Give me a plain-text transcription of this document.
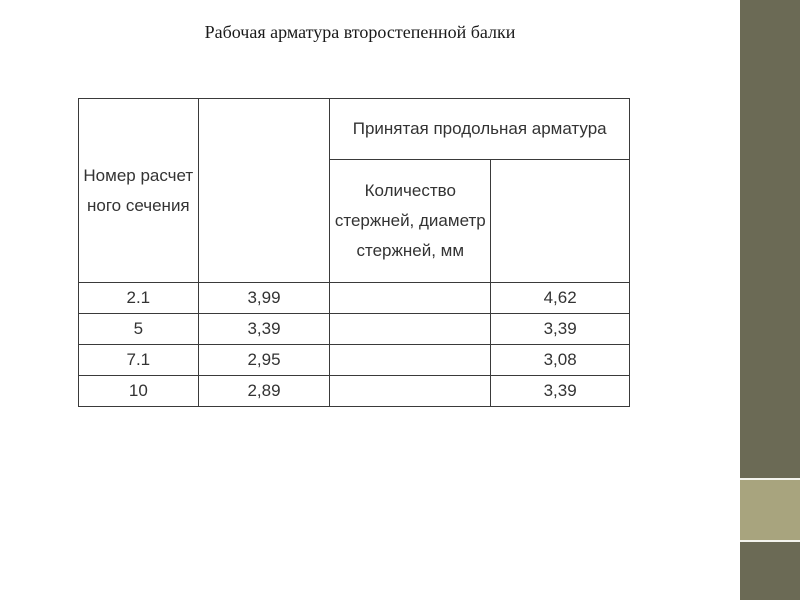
Рабочая арматура второстепенной балки
Номер расчетного сечения		Принятая продольная арматура	
		Количество стержней, диаметр стержней, мм	
2.1	3,99		4,62
5	3,39		3,39
7.1	2,95		3,08
10	2,89		3,39
